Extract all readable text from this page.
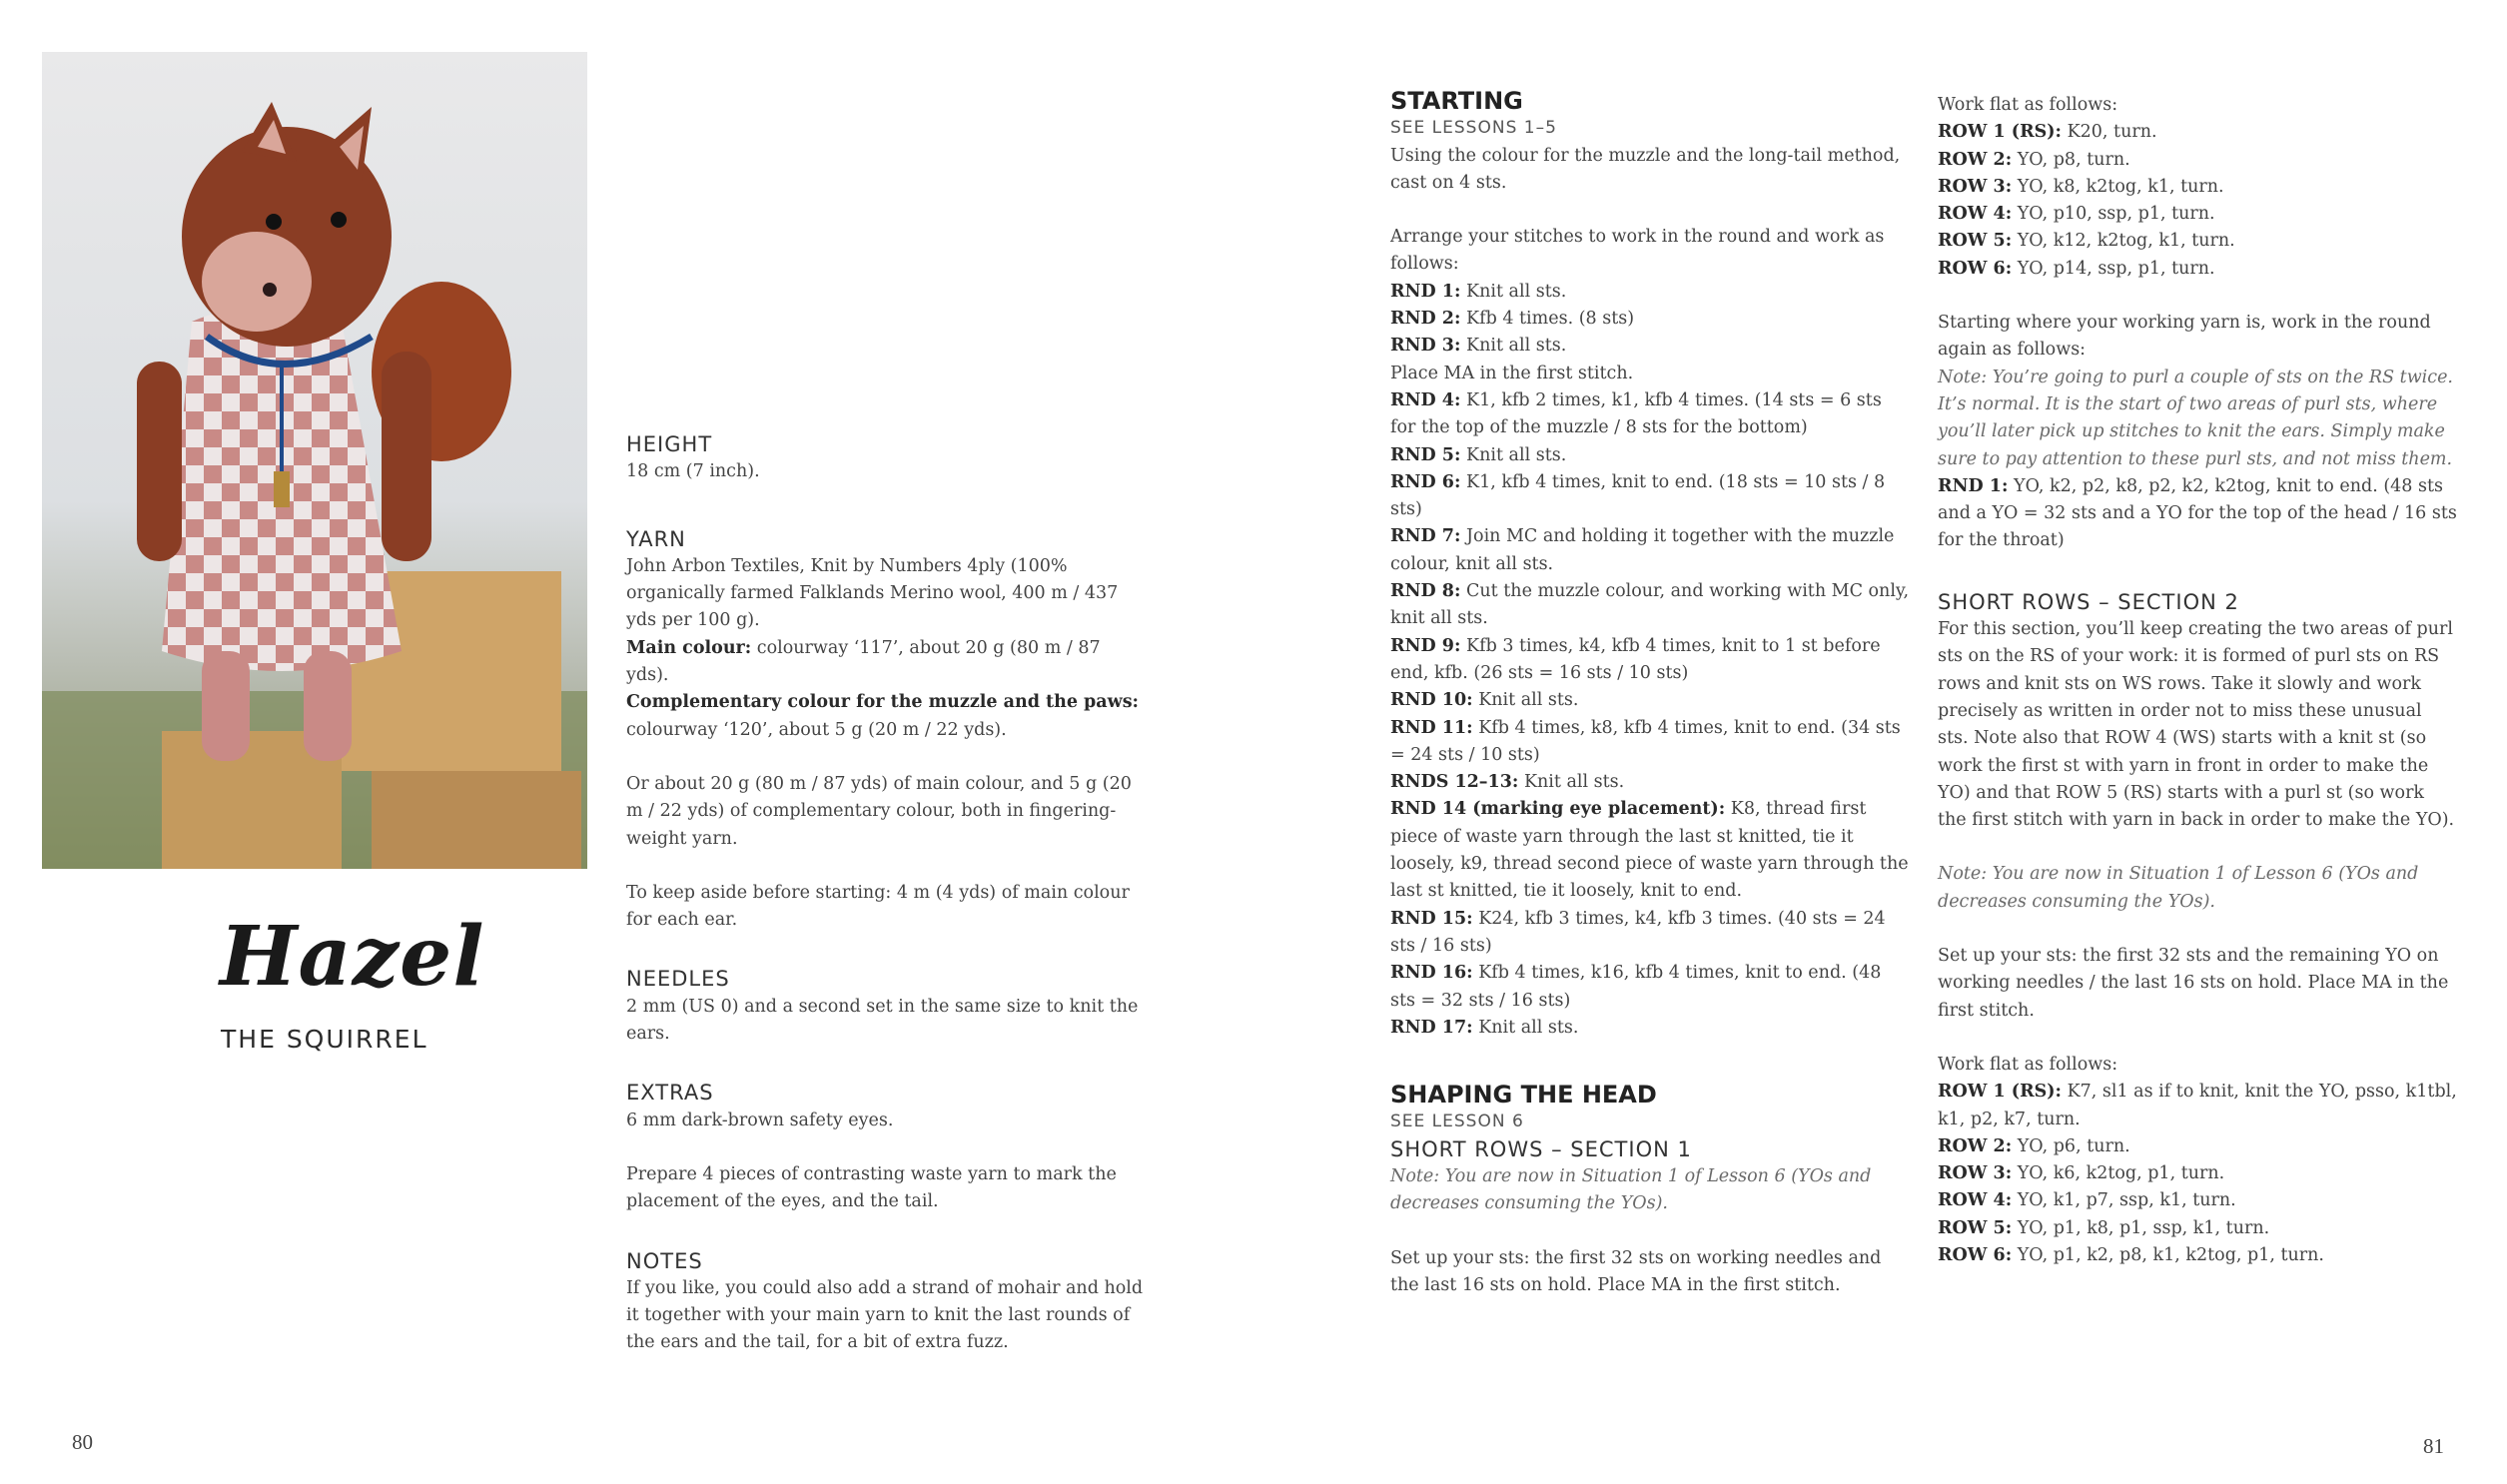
Hazel
THE SQUIRREL
80	81

HEIGHT

18 cm (7 inch).

YARN

John Arbon Textiles, Knit by Numbers 4ply (100% organically farmed Falklands Merino wool, 400 m / 437 yds per 100 g).

Main colour: colourway ‘117’, about 20 g (80 m / 87 yds).

Complementary colour for the muzzle and the paws: colourway ‘120’, about 5 g (20 m / 22 yds).

Or about 20 g (80 m / 87 yds) of main colour, and 5 g (20 m / 22 yds) of complementary colour, both in fingering-weight yarn.

To keep aside before starting: 4 m (4 yds) of main colour for each ear.

NEEDLES

2 mm (US 0) and a second set in the same size to knit the ears.

EXTRAS

6 mm dark-brown safety eyes.

Prepare 4 pieces of contrasting waste yarn to mark the placement of the eyes, and the tail.

NOTES

If you like, you could also add a strand of mohair and hold it together with your main yarn to knit the last rounds of the ears and the tail, for a bit of extra fuzz.

STARTING

SEE LESSONS 1–5

Using the colour for the muzzle and the long-tail method, cast on 4 sts.

Arrange your stitches to work in the round and work as follows:

RND 1: Knit all sts.

RND 2: Kfb 4 times. (8 sts)

RND 3: Knit all sts.

Place MA in the first stitch.

RND 4: K1, kfb 2 times, k1, kfb 4 times. (14 sts = 6 sts for the top of the muzzle / 8 sts for the bottom)

RND 5: Knit all sts.

RND 6: K1, kfb 4 times, knit to end. (18 sts = 10 sts / 8 sts)

RND 7: Join MC and holding it together with the muzzle colour, knit all sts.

RND 8: Cut the muzzle colour, and working with MC only, knit all sts.

RND 9: Kfb 3 times, k4, kfb 4 times, knit to 1 st before end, kfb. (26 sts = 16 sts / 10 sts)

RND 10: Knit all sts.

RND 11: Kfb 4 times, k8, kfb 4 times, knit to end. (34 sts = 24 sts / 10 sts)

RNDS 12–13: Knit all sts.

RND 14 (marking eye placement): K8, thread first piece of waste yarn through the last st knitted, tie it loosely, k9, thread second piece of waste yarn through the last st knitted, tie it loosely, knit to end.

RND 15: K24, kfb 3 times, k4, kfb 3 times. (40 sts = 24 sts / 16 sts)

RND 16: Kfb 4 times, k16, kfb 4 times, knit to end. (48 sts = 32 sts / 16 sts)

RND 17: Knit all sts.

SHAPING THE HEAD

SEE LESSON 6

SHORT ROWS – SECTION 1

Note: You are now in Situation 1 of Lesson 6 (YOs and decreases consuming the YOs).

Set up your sts: the first 32 sts on working needles and the last 16 sts on hold. Place MA in the first stitch.

Work flat as follows:

ROW 1 (RS): K20, turn.

ROW 2: YO, p8, turn.

ROW 3: YO, k8, k2tog, k1, turn.

ROW 4: YO, p10, ssp, p1, turn.

ROW 5: YO, k12, k2tog, k1, turn.

ROW 6: YO, p14, ssp, p1, turn.

Starting where your working yarn is, work in the round again as follows:

Note: You’re going to purl a couple of sts on the RS twice. It’s normal. It is the start of two areas of purl sts, where you’ll later pick up stitches to knit the ears. Simply make sure to pay attention to these purl sts, and not miss them.

RND 1: YO, k2, p2, k8, p2, k2, k2tog, knit to end. (48 sts and a YO = 32 sts and a YO for the top of the head / 16 sts for the throat)

SHORT ROWS – SECTION 2

For this section, you’ll keep creating the two areas of purl sts on the RS of your work: it is formed of purl sts on RS rows and knit sts on WS rows. Take it slowly and work precisely as written in order not to miss these unusual sts. Note also that ROW 4 (WS) starts with a knit st (so work the first st with yarn in front in order to make the YO) and that ROW 5 (RS) starts with a purl st (so work the first stitch with yarn in back in order to make the YO).

Note: You are now in Situation 1 of Lesson 6 (YOs and decreases consuming the YOs).

Set up your sts: the first 32 sts and the remaining YO on working needles / the last 16 sts on hold. Place MA in the first stitch.

Work flat as follows:

ROW 1 (RS): K7, sl1 as if to knit, knit the YO, psso, k1tbl, k1, p2, k7, turn.

ROW 2: YO, p6, turn.

ROW 3: YO, k6, k2tog, p1, turn.

ROW 4: YO, k1, p7, ssp, k1, turn.

ROW 5: YO, p1, k8, p1, ssp, k1, turn.

ROW 6: YO, p1, k2, p8, k1, k2tog, p1, turn.
